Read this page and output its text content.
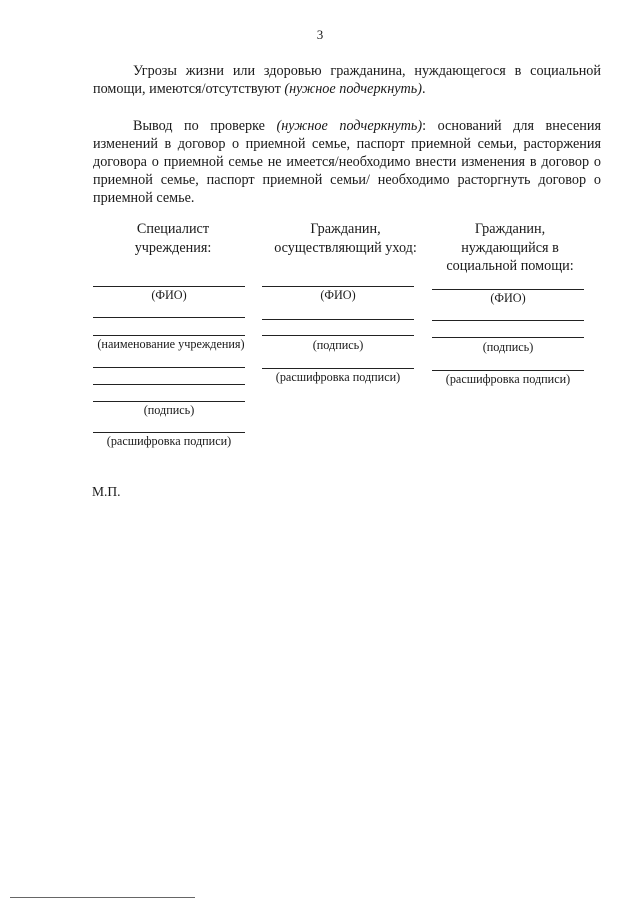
3

Угрозы жизни или здоровью гражданина, нуждающегося в социальной помощи, имеются/отсутствуют (нужное подчеркнуть).

Вывод по проверке (нужное подчеркнуть): оснований для внесения изменений в договор о приемной семье, паспорт приемной семьи, расторжения договора о приемной семье не имеется/необходимо внести изменения в договор о приемной семье, паспорт приемной семьи/ необходимо расторгнуть договор о приемной семье.

Специалист
учреждения:

Гражданин,
осуществляющий уход:

Гражданин,
нуждающийся в
социальной помощи:

(ФИО)
(наименование учреждения)
(подпись)
(расшифровка подписи)
(ФИО)
(подпись)
(расшифровка подписи)
(ФИО)
(подпись)
(расшифровка подписи)
М.П.
